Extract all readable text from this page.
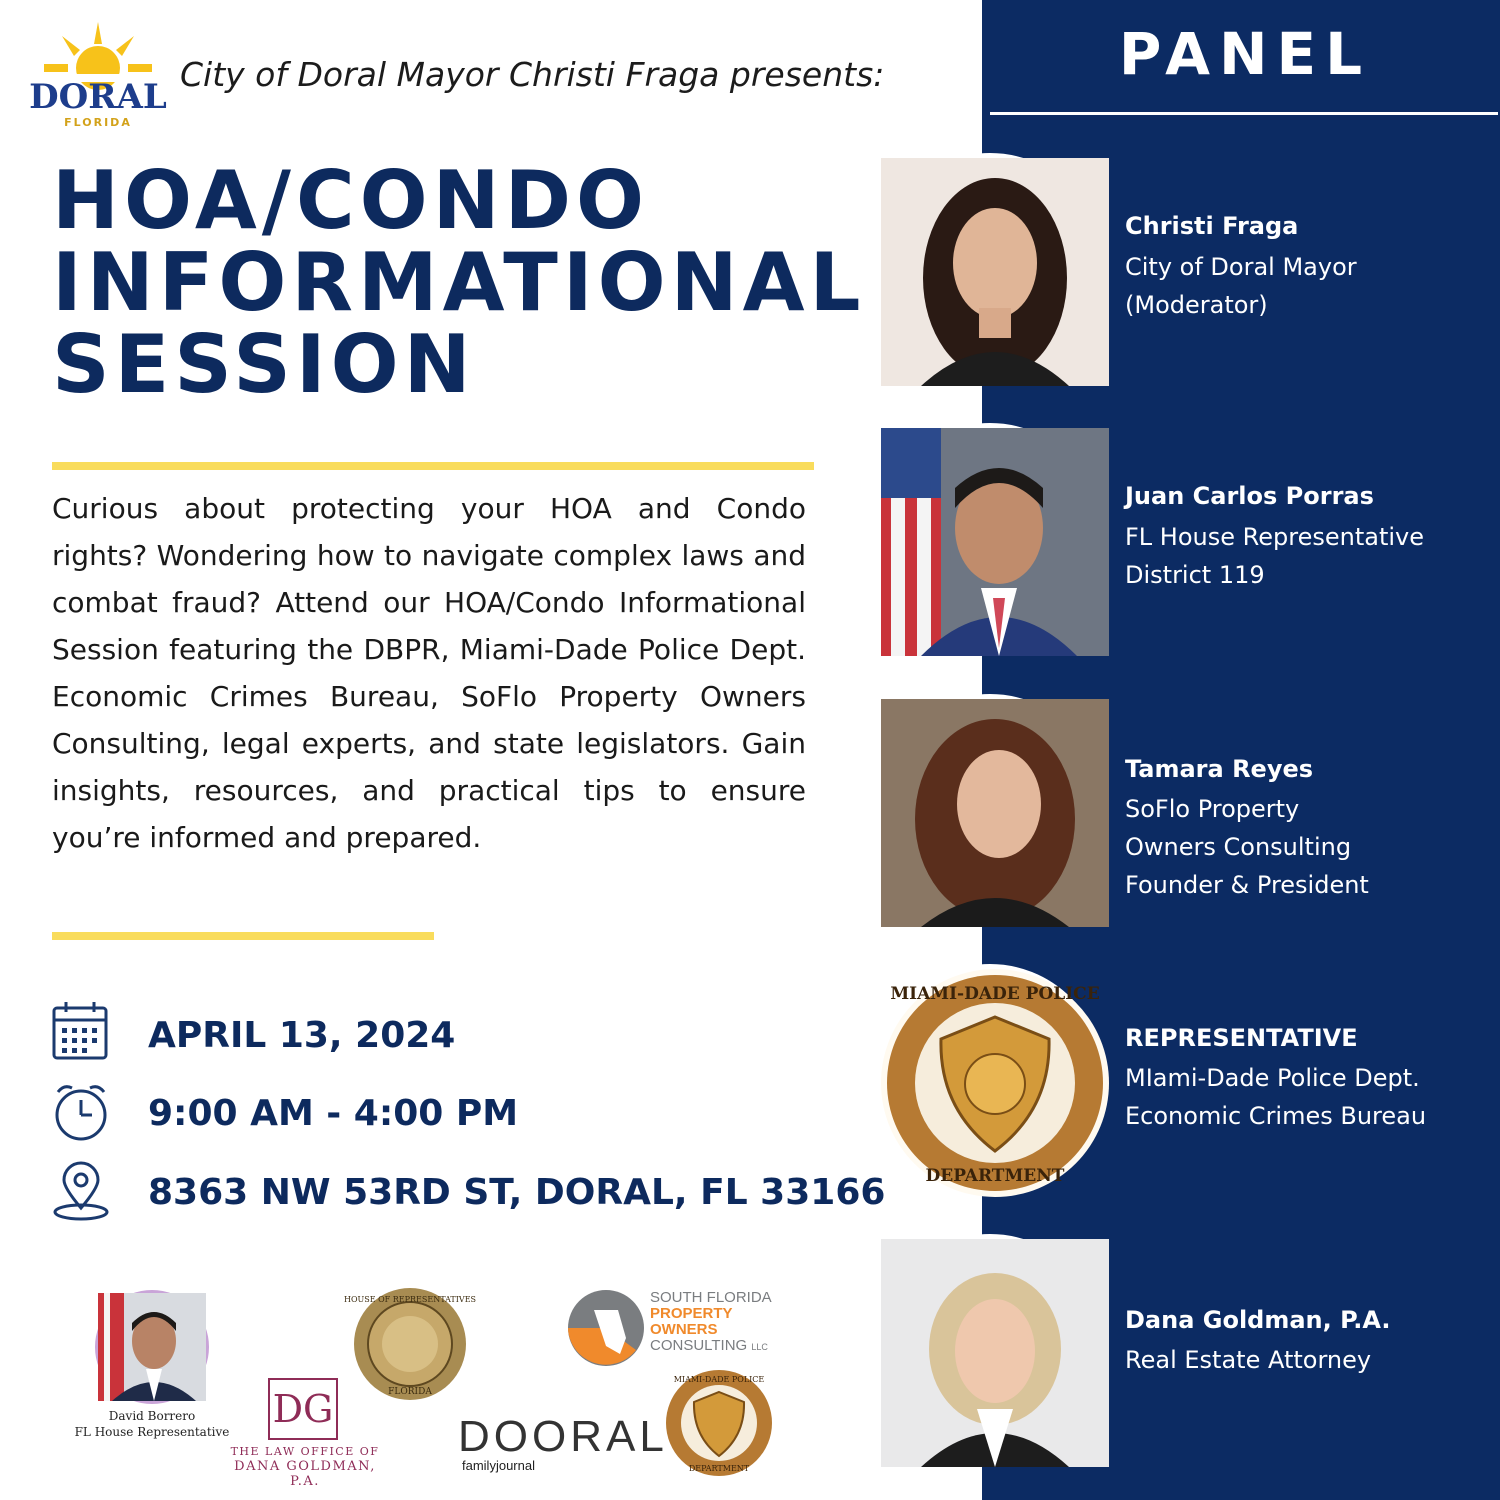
PANEL
Christi Fraga
City of Doral Mayor
(Moderator)
Juan Carlos Porras
FL House Representative
District 119
Tamara Reyes
SoFlo Property
Owners Consulting
Founder & President
MIAMI-DADE POLICE
DEPARTMENT
REPRESENTATIVE
MIami-Dade Police Dept.
Economic Crimes Bureau
Dana Goldman, P.A.
Real Estate Attorney
DORAL
FLORIDA
City of Doral Mayor Christi Fraga presents:
HOA/CONDO
INFORMATIONAL
SESSION
Curious about protecting your HOA and Condo rights? Wondering how to navigate complex laws and combat fraud? Attend our HOA/Condo Informational Session featuring the DBPR, Miami-Dade Police Dept. Economic Crimes Bureau, SoFlo Property Owners Consulting, legal experts, and state legislators. Gain insights, resources, and practical tips to ensure you’re informed and prepared.
APRIL 13, 2024
9:00 AM - 4:00 PM
8363 NW 53RD ST, DORAL, FL 33166
David Borrero
FL House Representative
DG
THE LAW OFFICE OF
DANA GOLDMAN, P.A.
HOUSE OF REPRESENTATIVES
FLORIDA
SOUTH FLORIDA
PROPERTY
OWNERS
CONSULTING LLC
DOORAL
familyjournal
MIAMI-DADE POLICE
DEPARTMENT
